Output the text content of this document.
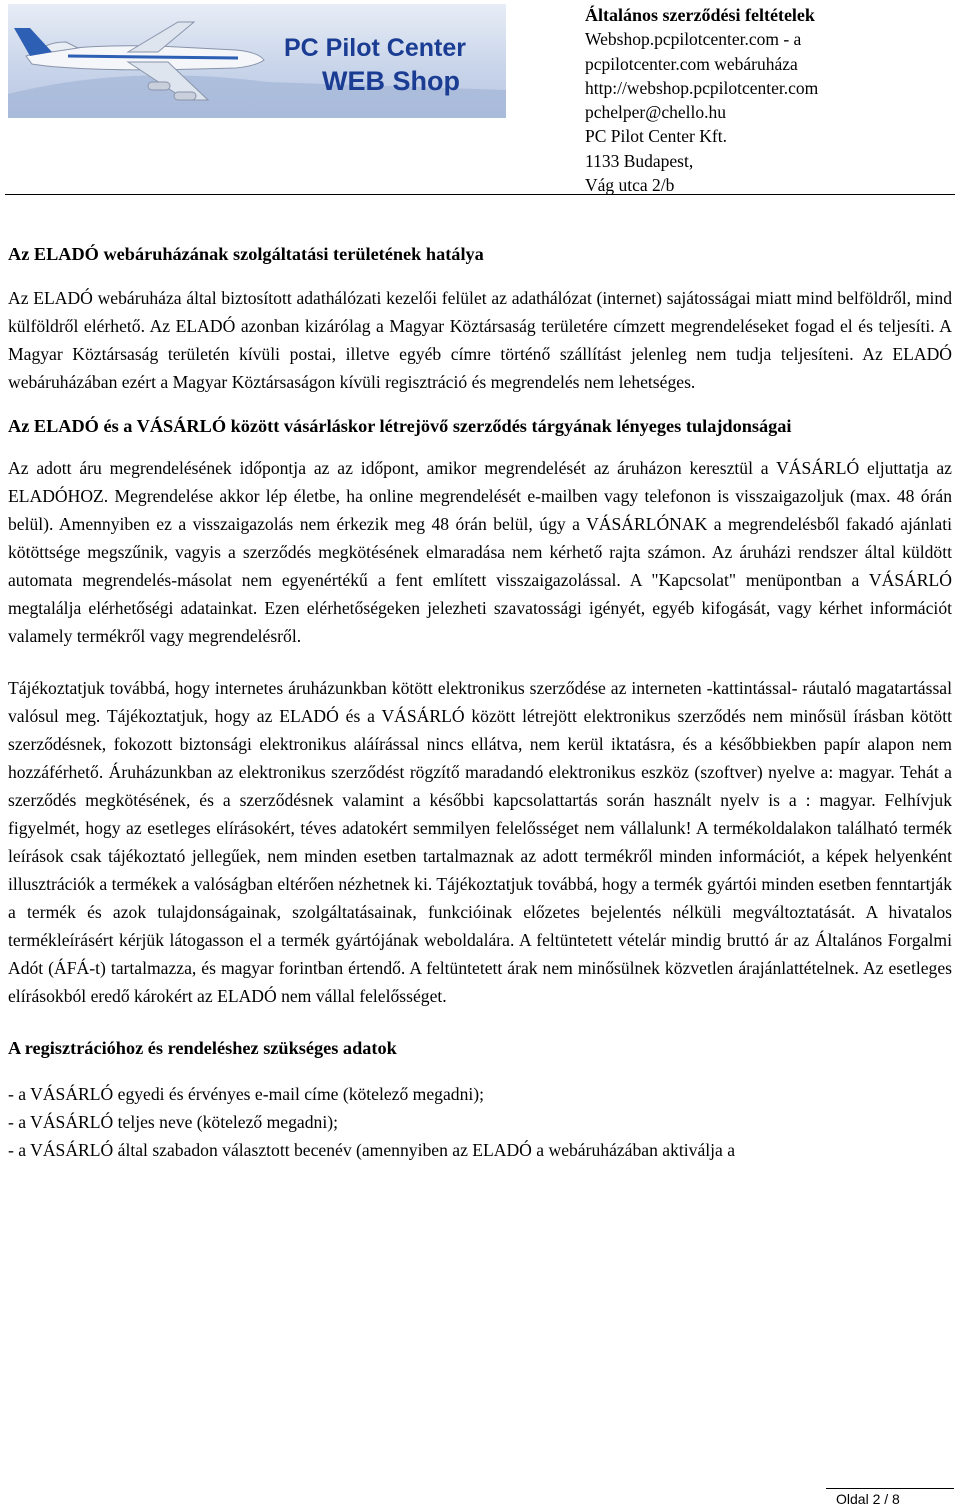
PC Pilot Center
WEB Shop
Általános szerződési feltételek
Webshop.pcpilotcenter.com - a
pcpilotcenter.com webáruháza
http://webshop.pcpilotcenter.com
pchelper@chello.hu
PC Pilot Center Kft.
1133 Budapest,
Vág utca 2/b
Az ELADÓ webáruházának szolgáltatási területének hatálya

Az ELADÓ webáruháza által biztosított adathálózati kezelői felület az adathálózat (internet) sajátosságai miatt mind belföldről, mind külföldről elérhető. Az ELADÓ azonban kizárólag a Magyar Köztársaság területére címzett megrendeléseket fogad el és teljesíti. A Magyar Köztársaság területén kívüli postai, illetve egyéb címre történő szállítást jelenleg nem tudja teljesíteni. Az ELADÓ webáruházában ezért a Magyar Köztársaságon kívüli regisztráció és megrendelés nem lehetséges.

Az ELADÓ és a VÁSÁRLÓ között vásárláskor létrejövő szerződés tárgyának lényeges tulajdonságai

Az adott áru megrendelésének időpontja az az időpont, amikor megrendelését az áruházon keresztül a VÁSÁRLÓ eljuttatja az ELADÓHOZ. Megrendelése akkor lép életbe, ha online megrendelését e-mailben vagy telefonon is visszaigazoljuk (max. 48 órán belül). Amennyiben ez a visszaigazolás nem érkezik meg 48 órán belül, úgy a VÁSÁRLÓNAK a megrendelésből fakadó ajánlati kötöttsége megszűnik, vagyis a szerződés megkötésének elmaradása nem kérhető rajta számon. Az áruházi rendszer által küldött automata megrendelés-másolat nem egyenértékű a fent említett visszaigazolással. A "Kapcsolat" menüpontban a VÁSÁRLÓ megtalálja elérhetőségi adatainkat. Ezen elérhetőségeken jelezheti szavatossági igényét, egyéb kifogását, vagy kérhet információt valamely termékről vagy megrendelésről.

Tájékoztatjuk továbbá, hogy internetes áruházunkban kötött elektronikus szerződése az interneten -kattintással- ráutaló magatartással valósul meg. Tájékoztatjuk, hogy az ELADÓ és a VÁSÁRLÓ között létrejött elektronikus szerződés nem minősül írásban kötött szerződésnek, fokozott biztonsági elektronikus aláírással nincs ellátva, nem kerül iktatásra, és a későbbiekben papír alapon nem hozzáférhető. Áruházunkban az elektronikus szerződést rögzítő maradandó elektronikus eszköz (szoftver) nyelve a: magyar. Tehát a szerződés megkötésének, és a szerződésnek valamint a későbbi kapcsolattartás során használt nyelv is a : magyar. Felhívjuk figyelmét, hogy az esetleges elírásokért, téves adatokért semmilyen felelősséget nem vállalunk! A termékoldalakon található termék leírások csak tájékoztató jellegűek, nem minden esetben tartalmaznak az adott termékről minden információt, a képek helyenként illusztrációk a termékek a valóságban eltérően nézhetnek ki. Tájékoztatjuk továbbá, hogy a termék gyártói minden esetben fenntartják a termék és azok tulajdonságainak, szolgáltatásainak, funkcióinak előzetes bejelentés nélküli megváltoztatását. A hivatalos termékleírásért kérjük látogasson el a termék gyártójának weboldalára. A feltüntetett vételár mindig bruttó ár az Általános Forgalmi Adót (ÁFÁ-t) tartalmazza, és magyar forintban értendő. A feltüntetett árak nem minősülnek közvetlen árajánlattételnek. Az esetleges elírásokból eredő károkért az ELADÓ nem vállal felelősséget.

A regisztrációhoz és rendeléshez szükséges adatok
- a VÁSÁRLÓ egyedi és érvényes e-mail címe (kötelező megadni);
- a VÁSÁRLÓ teljes neve (kötelező megadni);
- a VÁSÁRLÓ által szabadon választott becenév (amennyiben az ELADÓ a webáruházában aktiválja a
Oldal 2 / 8
